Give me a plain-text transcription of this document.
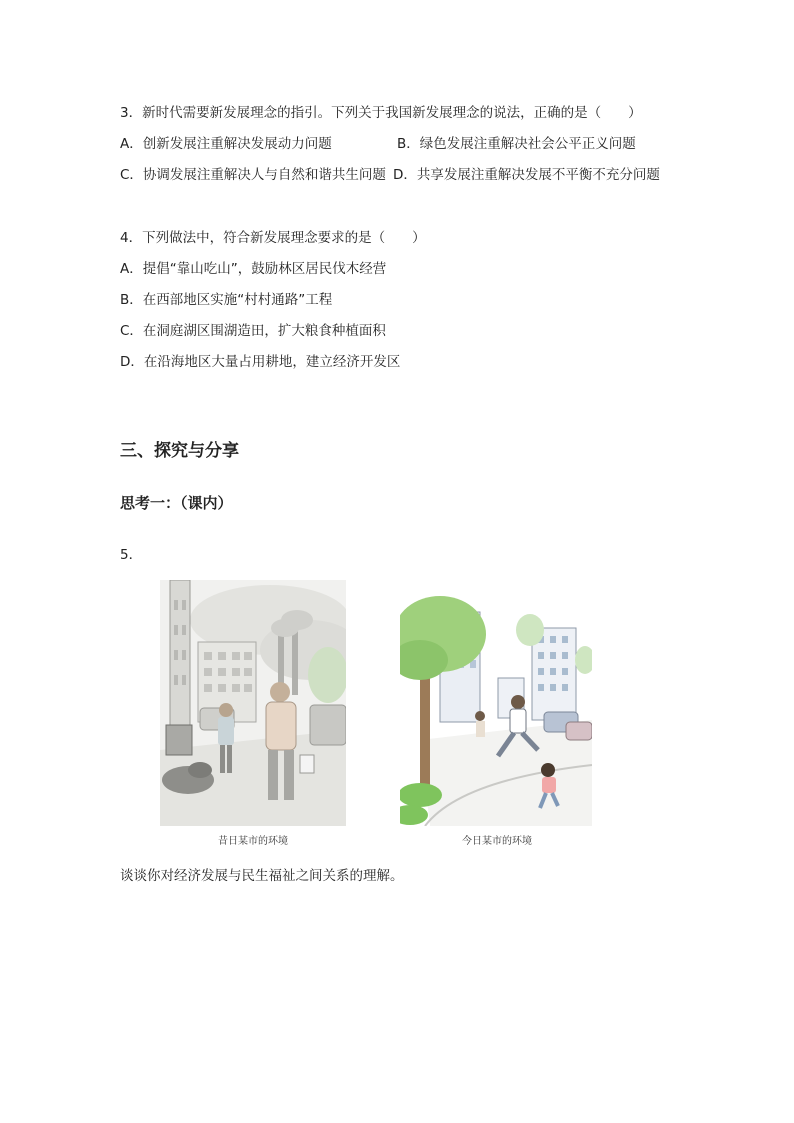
3．新时代需要新发展理念的指引。下列关于我国新发展理念的说法，正确的是（　　）
A．创新发展注重解决发展动力问题	B．绿色发展注重解决社会公平正义问题
C．协调发展注重解决人与自然和谐共生问题 D．共享发展注重解决发展不平衡不充分问题
4．下列做法中，符合新发展理念要求的是（　　）
A．提倡“靠山吃山”，鼓励林区居民伐木经营
B．在西部地区实施“村村通路”工程
C．在洞庭湖区围湖造田，扩大粮食种植面积
D．在沿海地区大量占用耕地，建立经济开发区
三、探究与分享
思考一：（课内）
5．
昔日某市的环境	今日某市的环境
谈谈你对经济发展与民生福祉之间关系的理解。
